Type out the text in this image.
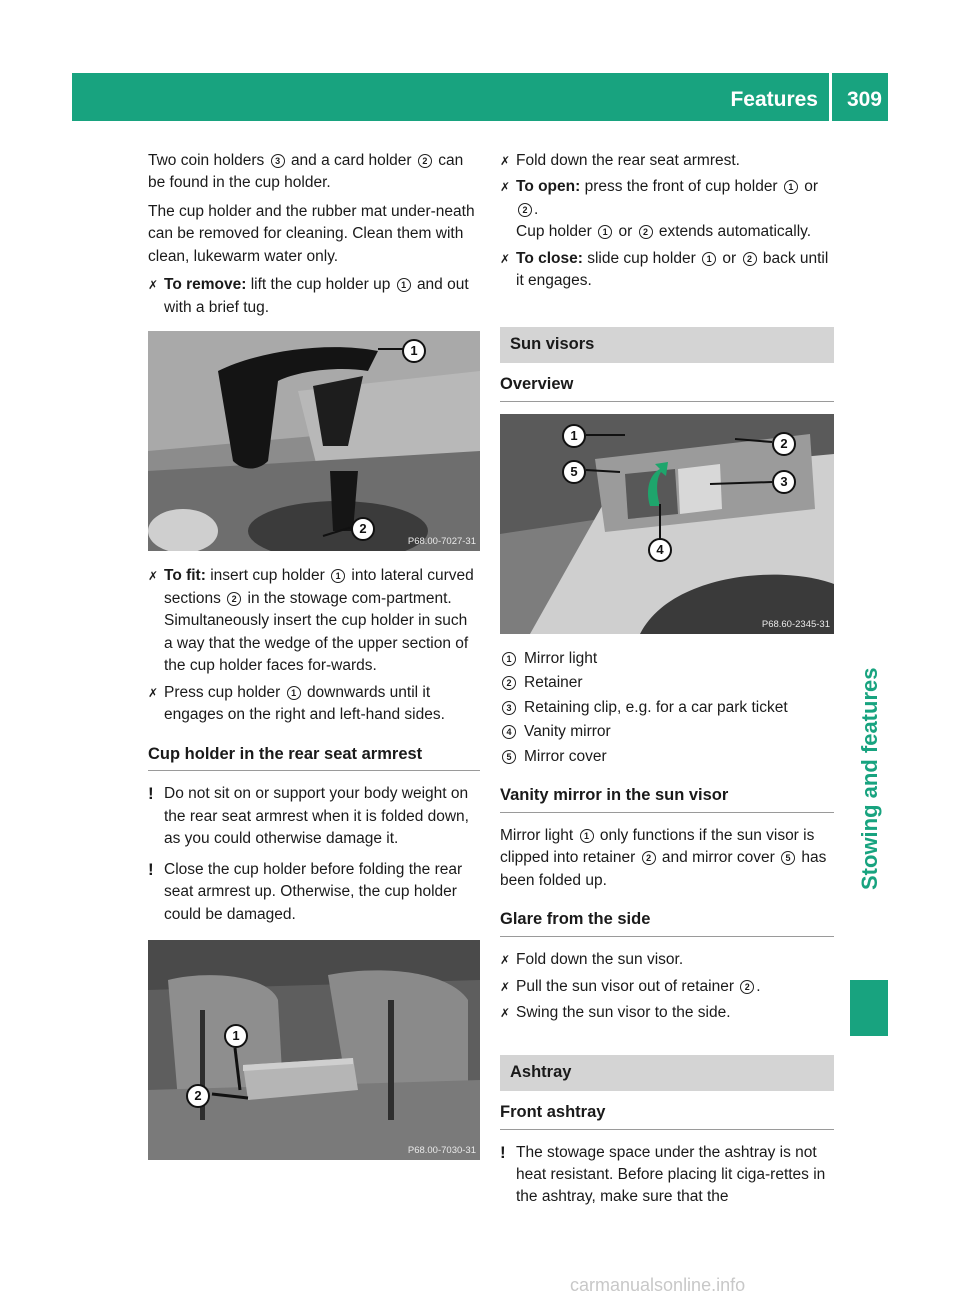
Features 309
Stowing and features

Two coin holders 3 and a card holder 2 can be found in the cup holder.

The cup holder and the rubber mat under-neath can be removed for cleaning. Clean them with clean, lukewarm water only.

✗ To remove: lift the cup holder up 1 and out with a brief tug.
1
2
P68.00-7027-31
✗ To fit: insert cup holder 1 into lateral curved sections 2 in the stowage com-partment. Simultaneously insert the cup holder in such a way that the wedge of the upper section of the cup holder faces for-wards.
✗ Press cup holder 1 downwards until it engages on the right and left-hand sides.
Cup holder in the rear seat armrest
! Do not sit on or support your body weight on the rear seat armrest when it is folded down, as you could otherwise damage it.
! Close the cup holder before folding the rear seat armrest up. Otherwise, the cup holder could be damaged.
1
2
P68.00-7030-31
✗ Fold down the rear seat armrest.
✗ To open: press the front of cup holder 1 or 2 .
Cup holder 1 or 2 extends automatically.
✗ To close: slide cup holder 1 or 2 back until it engages.
Sun visors
Overview
1
5
2
3
4
P68.60-2345-31
1 Mirror light
2 Retainer
3 Retaining clip, e.g. for a car park ticket
4 Vanity mirror
5 Mirror cover
Vanity mirror in the sun visor

Mirror light 1 only functions if the sun visor is clipped into retainer 2 and mirror cover 5 has been folded up.

Glare from the side
✗ Fold down the sun visor.
✗ Pull the sun visor out of retainer 2 .
✗ Swing the sun visor to the side.
Ashtray
Front ashtray
! The stowage space under the ashtray is not heat resistant. Before placing lit ciga-rettes in the ashtray, make sure that the
carmanualsonline.info
